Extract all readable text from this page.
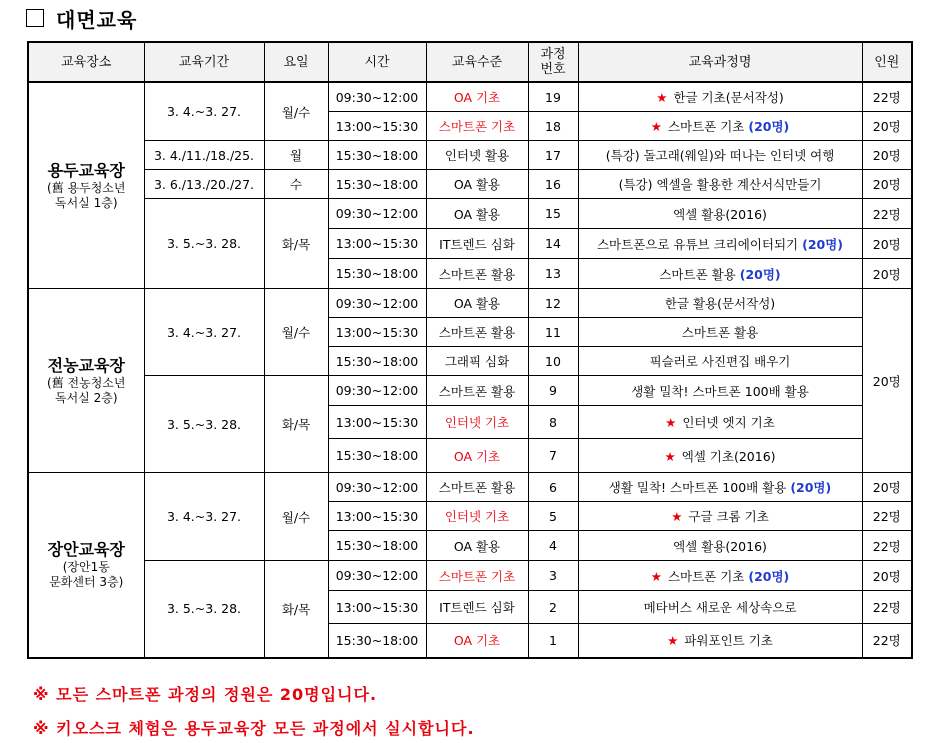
대면교육
교육장소	교육기간	요일	시간	교육수준	과정
번호	교육과정명	인원

용두교육장
(舊 용두청소년
독서실 1층)	3. 4.~3. 27.	월/수	09:30~12:00	OA 기초	19	★ 한글 기초(문서작성)	22명
			13:00~15:30	스마트폰 기초	18	★ 스마트폰 기초 (20명)	20명
	3. 4./11./18./25.	월	15:30~18:00	인터넷 활용	17	(특강) 돌고래(웨일)와 떠나는 인터넷 여행	20명
	3. 6./13./20./27.	수	15:30~18:00	OA 활용	16	(특강) 엑셀을 활용한 계산서식만들기	20명
	3. 5.~3. 28.	화/목	09:30~12:00	OA 활용	15	엑셀 활용(2016)	22명
			13:00~15:30	IT트렌드 심화	14	스마트폰으로 유튜브 크리에이터되기 (20명)	20명
			15:30~18:00	스마트폰 활용	13	스마트폰 활용 (20명)	20명

전농교육장
(舊 전농청소년
독서실 2층)	3. 4.~3. 27.	월/수	09:30~12:00	OA 활용	12	한글 활용(문서작성)	20명
			13:00~15:30	스마트폰 활용	11	스마트폰 활용	
			15:30~18:00	그래픽 심화	10	픽슬러로 사진편집 배우기	
	3. 5.~3. 28.	화/목	09:30~12:00	스마트폰 활용	9	생활 밀착! 스마트폰 100배 활용	
			13:00~15:30	인터넷 기초	8	★ 인터넷 엣지 기초	
			15:30~18:00	OA 기초	7	★ 엑셀 기초(2016)	

장안교육장
(장안1동
문화센터 3층)	3. 4.~3. 27.	월/수	09:30~12:00	스마트폰 활용	6	생활 밀착! 스마트폰 100배 활용 (20명)	20명
			13:00~15:30	인터넷 기초	5	★ 구글 크롬 기초	22명
			15:30~18:00	OA 활용	4	엑셀 활용(2016)	22명
	3. 5.~3. 28.	화/목	09:30~12:00	스마트폰 기초	3	★ 스마트폰 기초 (20명)	20명
			13:00~15:30	IT트렌드 심화	2	메타버스 새로운 세상속으로	22명
			15:30~18:00	OA 기초	1	★ 파워포인트 기초	22명
※ 모든 스마트폰 과정의 정원은 20명입니다.
※ 키오스크 체험은 용두교육장 모든 과정에서 실시합니다.
